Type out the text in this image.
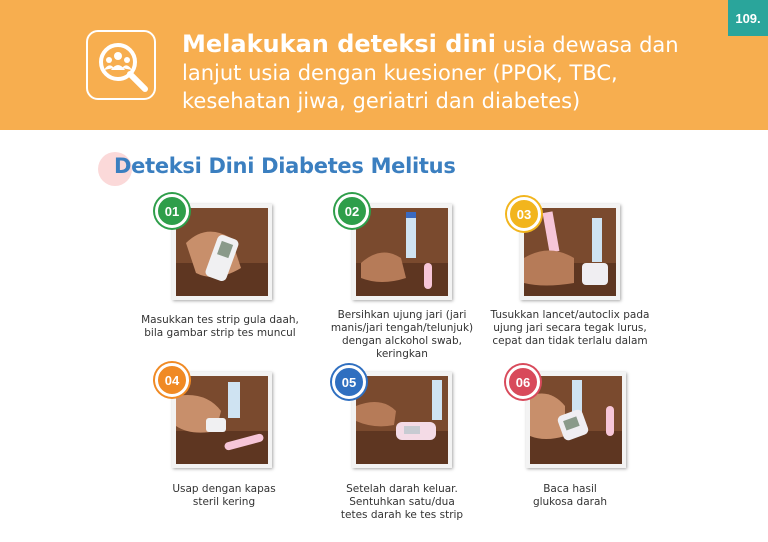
109.
Melakukan deteksi dini usia dewasa dan
lanjut usia dengan kuesioner (PPOK, TBC,
kesehatan jiwa, geriatri dan diabetes)
Deteksi Dini Diabetes Melitus
01
Masukkan tes strip gula daah,
bila gambar strip tes muncul
02
Bersihkan ujung jari (jari
manis/jari tengah/telunjuk)
dengan alckohol swab,
keringkan
03
Tusukkan lancet/autoclix pada
ujung jari secara tegak lurus,
cepat dan tidak terlalu dalam
04
Usap dengan kapas
steril kering
05
Setelah darah keluar.
Sentuhkan satu/dua
tetes darah ke tes strip
06
Baca hasil
glukosa darah
